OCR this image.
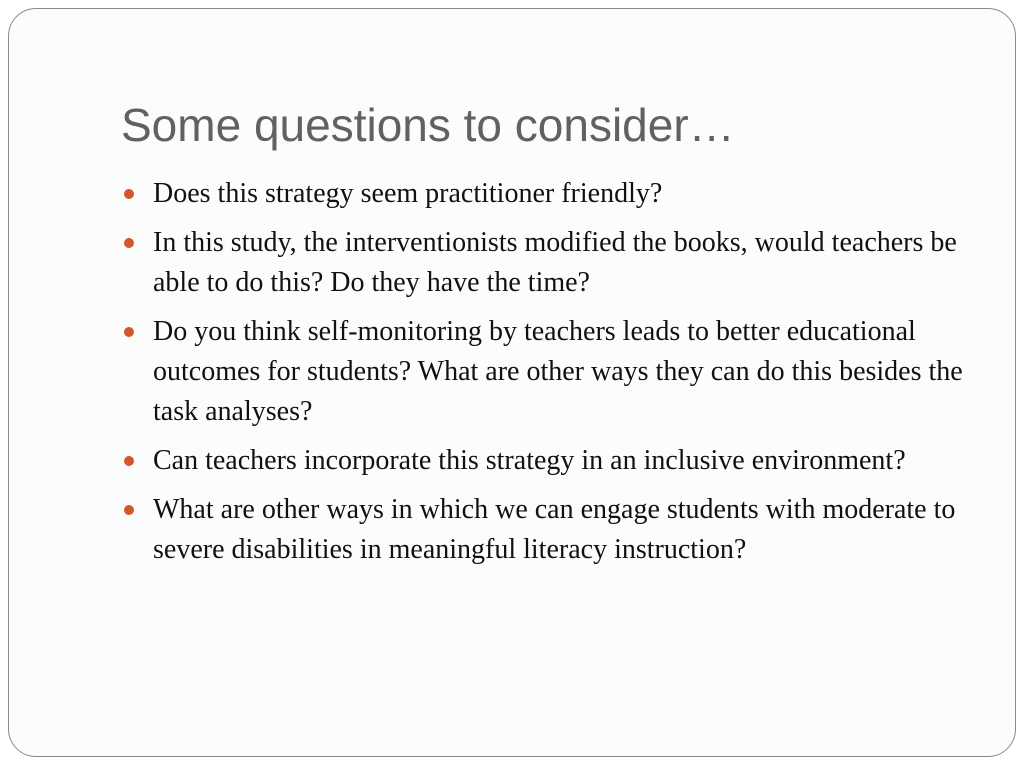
Some questions to consider…
Does this strategy seem practitioner friendly?
In this study, the interventionists modified the books, would teachers be able to do this? Do they have the time?
Do you think self-monitoring by teachers leads to better educational outcomes for students? What are other ways they can do this besides the task analyses?
Can teachers incorporate this strategy in an inclusive environment?
What are other ways in which we can engage students with moderate to severe disabilities in meaningful literacy instruction?
